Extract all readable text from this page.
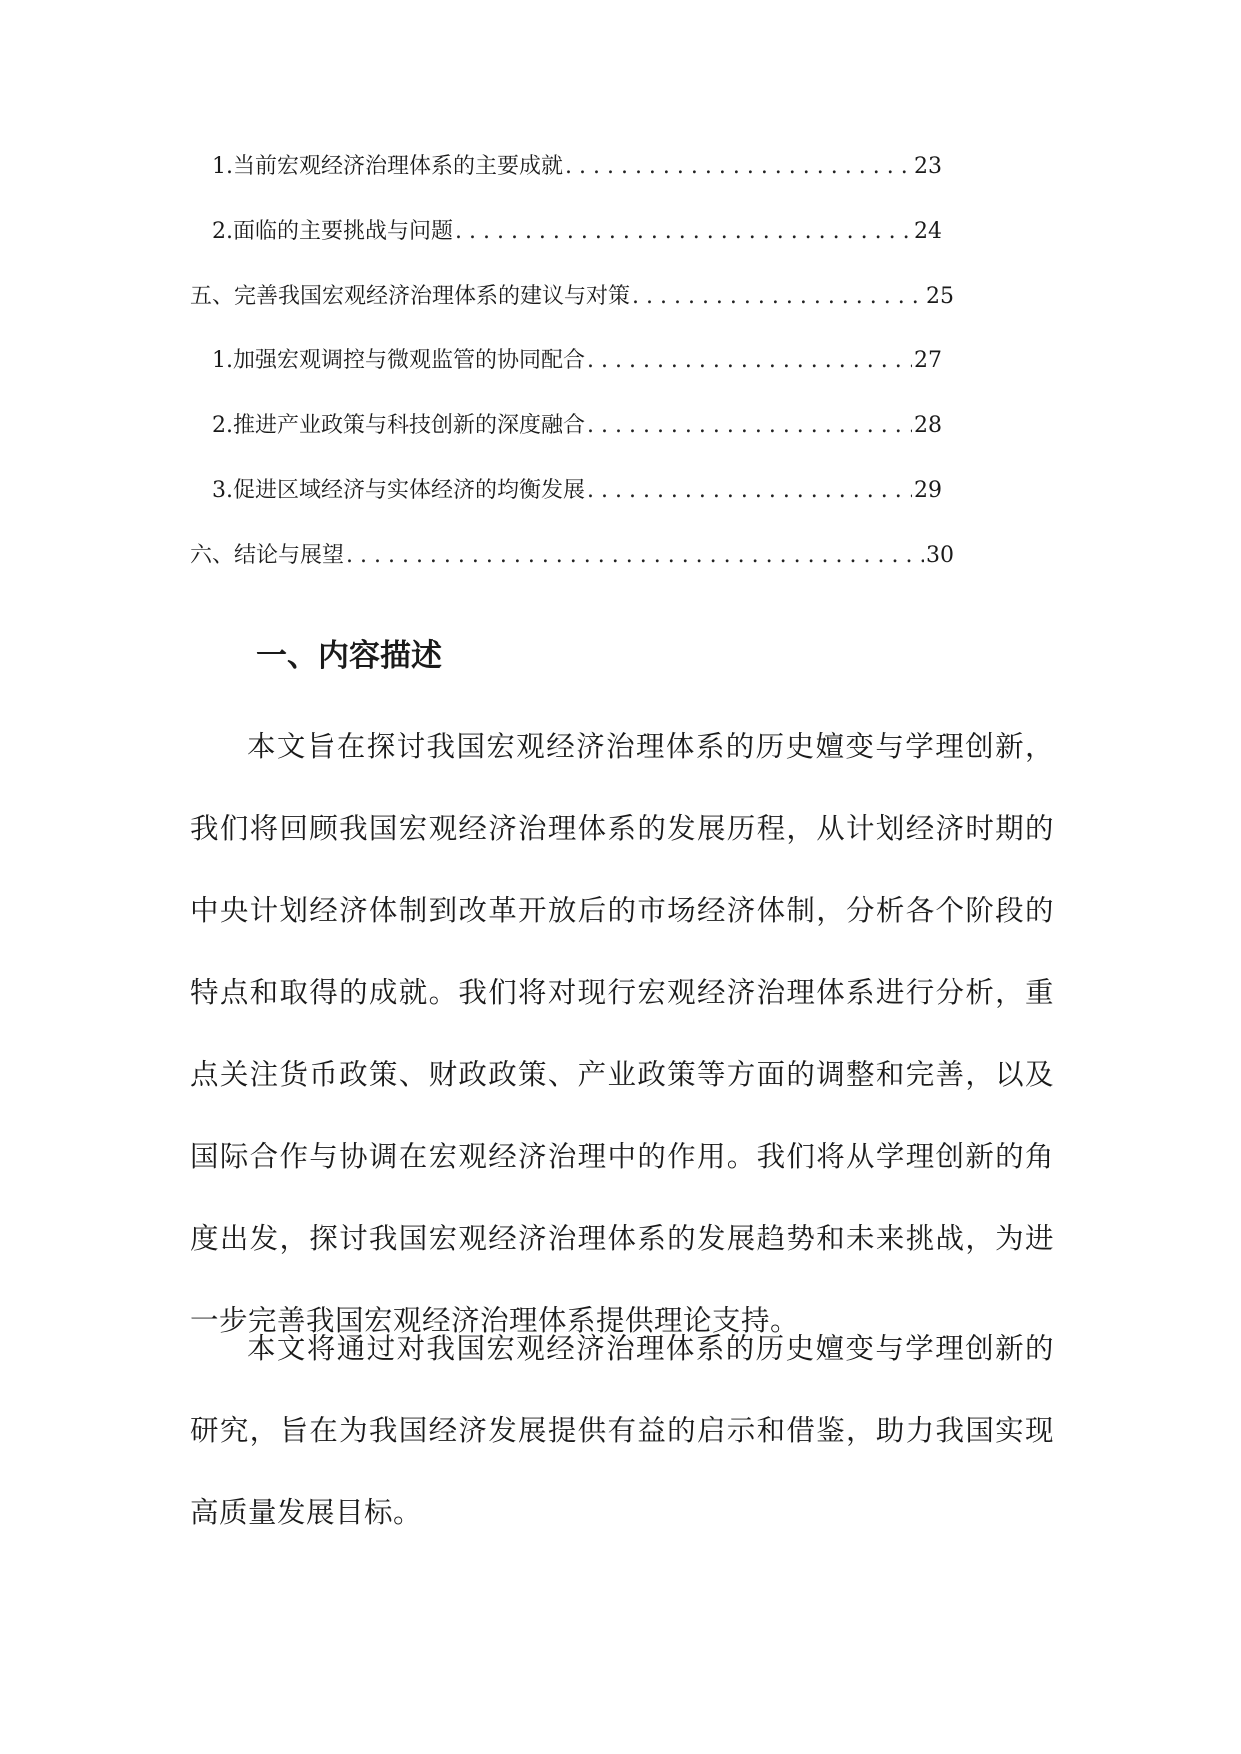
1. 当前宏观经济治理体系的主要成就 . . .	23
2. 面临的主要挑战与问题 . . .	24
五、完善我国宏观经济治理体系的建议与对策 . . .	25
1. 加强宏观调控与微观监管的协同配合 . . .	27
2. 推进产业政策与科技创新的深度融合 . . .	28
3. 促进区域经济与实体经济的均衡发展 . . .	29
六、结论与展望 . . .	30
一、内容描述

本文旨在探讨我国宏观经济治理体系的历史嬗变与学理创新，我们将回顾我国宏观经济治理体系的发展历程，从计划经济时期的中央计划经济体制到改革开放后的市场经济体制，分析各个阶段的特点和取得的成就。我们将对现行宏观经济治理体系进行分析，重点关注货币政策、财政政策、产业政策等方面的调整和完善，以及国际合作与协调在宏观经济治理中的作用。我们将从学理创新的角度出发，探讨我国宏观经济治理体系的发展趋势和未来挑战，为进一步完善我国宏观经济治理体系提供理论支持。

本文将通过对我国宏观经济治理体系的历史嬗变与学理创新的研究，旨在为我国经济发展提供有益的启示和借鉴，助力我国实现高质量发展目标。
